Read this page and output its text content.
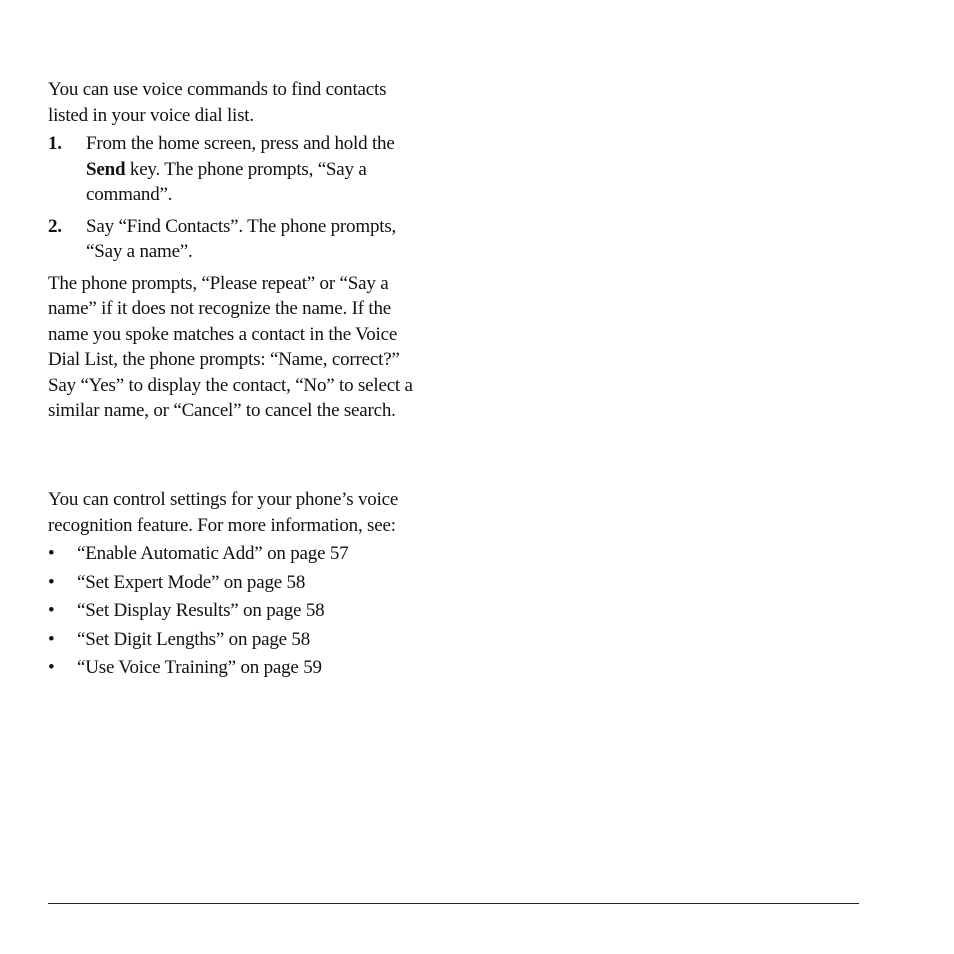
You can use voice commands to find contacts listed in your voice dial list.

1. From the home screen, press and hold the Send key. The phone prompts, “Say a command”.
2. Say “Find Contacts”. The phone prompts, “Say a name”.

The phone prompts, “Please repeat” or “Say a name” if it does not recognize the name. If the name you spoke matches a contact in the Voice Dial List, the phone prompts: “Name, correct?” Say “Yes” to display the contact, “No” to select a similar name, or “Cancel” to cancel the search.

You can control settings for your phone’s voice recognition feature. For more information, see:

• “Enable Automatic Add” on page 57

• “Set Expert Mode” on page 58

• “Set Display Results” on page 58

• “Set Digit Lengths” on page 58

• “Use Voice Training” on page 59
